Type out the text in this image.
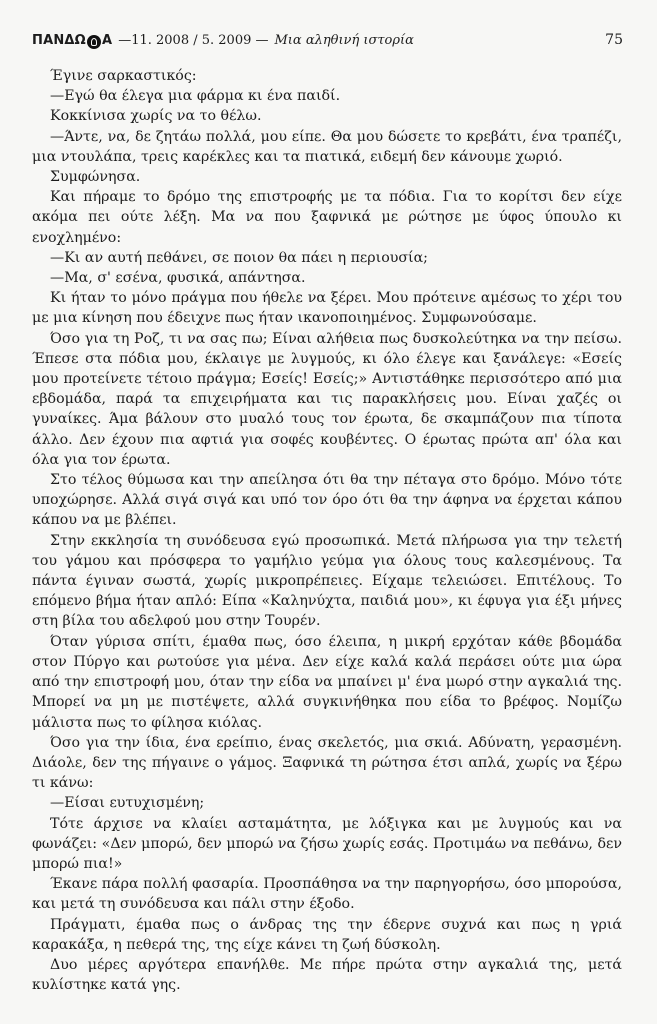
ΠΑΝΔΩ Α —11. 2008 / 5. 2009 — Μια αληθινή ιστορία	75

Έγινε σαρκαστικός:

—Εγώ θα έλεγα μια φάρμα κι ένα παιδί.

Κοκκίνισα χωρίς να το θέλω.

—Άντε, να, δε ζητάω πολλά, μου είπε. Θα μου δώσετε το κρεβάτι, ένα τραπέζι, μια ντουλάπα, τρεις καρέκλες και τα πιατικά, ειδεμή δεν κάνουμε χωριό.

Συμφώνησα.

Και πήραμε το δρόμο της επιστροφής με τα πόδια. Για το κορίτσι δεν είχε ακόμα πει ούτε λέξη. Μα να που ξαφνικά με ρώτησε με ύφος ύπουλο κι ενοχλημένο:

—Κι αν αυτή πεθάνει, σε ποιον θα πάει η περιουσία;

—Μα, σ' εσένα, φυσικά, απάντησα.

Κι ήταν το μόνο πράγμα που ήθελε να ξέρει. Μου πρότεινε αμέσως το χέρι του με μια κίνηση που έδειχνε πως ήταν ικανοποιημένος. Συμφωνούσαμε.

Όσο για τη Ροζ, τι να σας πω; Είναι αλήθεια πως δυσκολεύτηκα να την πείσω. Έπεσε στα πόδια μου, έκλαιγε με λυγμούς, κι όλο έλεγε και ξανάλεγε: «Εσείς μου προτείνετε τέτοιο πράγμα; Εσείς! Εσείς;» Αντιστάθηκε περισσότερο από μια εβδομάδα, παρά τα επιχειρήματα και τις παρακλήσεις μου. Είναι χαζές οι γυναίκες. Άμα βάλουν στο μυαλό τους τον έρωτα, δε σκαμπάζουν πια τίποτα άλλο. Δεν έχουν πια αφτιά για σοφές κουβέντες. Ο έρωτας πρώτα απ' όλα και όλα για τον έρωτα.

Στο τέλος θύμωσα και την απείλησα ότι θα την πέταγα στο δρόμο. Μόνο τότε υποχώρησε. Αλλά σιγά σιγά και υπό τον όρο ότι θα την άφηνα να έρχεται κάπου κάπου να με βλέπει.

Στην εκκλησία τη συνόδευσα εγώ προσωπικά. Μετά πλήρωσα για την τελετή του γάμου και πρόσφερα το γαμήλιο γεύμα για όλους τους καλεσμένους. Τα πάντα έγιναν σωστά, χωρίς μικροπρέπειες. Είχαμε τελειώσει. Επιτέλους. Το επόμενο βήμα ήταν απλό: Είπα «Καληνύχτα, παιδιά μου», κι έφυγα για έξι μήνες στη βίλα του αδελφού μου στην Τουρέν.

Όταν γύρισα σπίτι, έμαθα πως, όσο έλειπα, η μικρή ερχόταν κάθε βδομάδα στον Πύργο και ρωτούσε για μένα. Δεν είχε καλά καλά περάσει ούτε μια ώρα από την επιστροφή μου, όταν την είδα να μπαίνει μ' ένα μωρό στην αγκαλιά της. Μπορεί να μη με πιστέψετε, αλλά συγκινήθηκα που είδα το βρέφος. Νομίζω μάλιστα πως το φίλησα κιόλας.

Όσο για την ίδια, ένα ερείπιο, ένας σκελετός, μια σκιά. Αδύνατη, γερασμένη. Διάολε, δεν της πήγαινε ο γάμος. Ξαφνικά τη ρώτησα έτσι απλά, χωρίς να ξέρω τι κάνω:

—Είσαι ευτυχισμένη;

Τότε άρχισε να κλαίει ασταμάτητα, με λόξιγκα και με λυγμούς και να φωνάζει: «Δεν μπορώ, δεν μπορώ να ζήσω χωρίς εσάς. Προτιμάω να πεθάνω, δεν μπορώ πια!»

Έκανε πάρα πολλή φασαρία. Προσπάθησα να την παρηγορήσω, όσο μπορούσα, και μετά τη συνόδευσα και πάλι στην έξοδο.

Πράγματι, έμαθα πως ο άνδρας της την έδερνε συχνά και πως η γριά καρακάξα, η πεθερά της, της είχε κάνει τη ζωή δύσκολη.

Δυο μέρες αργότερα επανήλθε. Με πήρε πρώτα στην αγκαλιά της, μετά κυλίστηκε κατά γης.
